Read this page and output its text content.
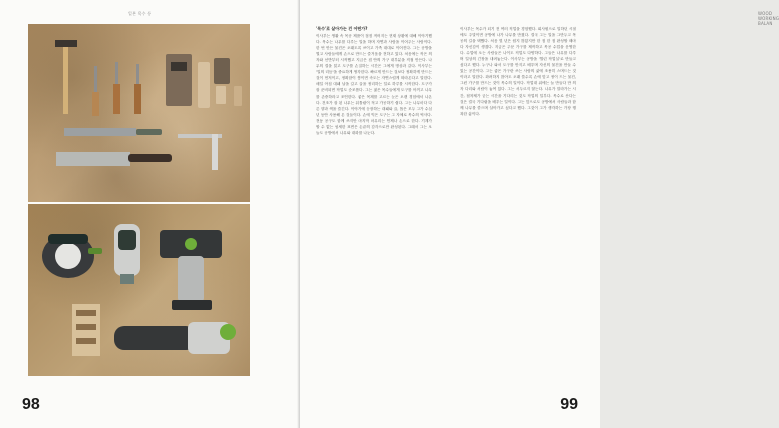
일본 목수 등
98
WOOD WORKING BALAN
99
'목수'로 살아가는 건 어떤가?

이사부는 생활 속 목공 제품이 점점 적어지는 현재 상황에 대해 이야기했다. 목수는 나무를 다루는 일을 하며 자연과 사람을 이어주는 사람이다. 한 번 만든 물건은 오래도록 쓰이고 가족 대대로 이어진다. 그는 공방을 열고 사람들에게 손으로 만드는 즐거움을 전하고 있다. 처음에는 작은 의자와 선반부터 시작했고 지금은 집 안의 가구 대부분을 직접 만든다. 나무의 결을 읽고 도구를 손질하는 시간은 그에게 명상과 같다. 이사부는 '일의 리듬'을 중요하게 생각한다. 빠르게 만드는 것보다 정확하게 만드는 것이 먼저이고, 정확함이 쌓이면 속도는 자연스럽게 따라온다고 말한다. 매일 아침 대패 날을 갈고 끌을 정리하는 일로 하루를 시작한다. 도구가 잘 준비되면 작업도 순조롭다. 그는 젊은 목수들에게 도구를 아끼고 나무를 존중하라고 조언한다. 좋은 목재를 고르는 눈은 오랜 경험에서 나온다. 건조가 잘 된 나무는 뒤틀림이 적고 가공하기 쉽다. 그는 나무마다 다른 향과 색을 즐긴다. 이야기에 등장하는 대패와 끌, 톱은 모두 그가 수십 년 동안 사용해 온 것들이다. 손에 익은 도구는 그 자체로 목수의 역사다. 전동 공구도 함께 쓰지만 마지막 마무리는 언제나 손으로 한다. 기계가 할 수 없는 섬세한 표면은 손끝의 감각으로만 완성된다. 그래서 그는 오늘도 공방에서 나무와 대화를 나눈다.

이사부는 목수가 되기 전 여러 직업을 경험했다. 회사원으로 일하던 시절에도 주말이면 공방에 나가 나무를 만졌다. 결국 그는 일을 그만두고 목공의 길을 택했다. 처음 몇 년은 쉽지 않았지만 한 점 한 점 완성할 때마다 자신감이 생겼다. 지금은 주문 가구를 제작하고 목공 수업을 운영한다. 수업에 오는 사람들은 나이도 직업도 다양하다. 그들은 나무를 다루며 일상의 긴장을 내려놓는다. 이사부는 공방을 '열린 작업실'로 만들고 싶다고 했다. 누구나 와서 도구를 만지고 배우며 자신의 물건을 만들 수 있는 공간이다. 그는 좋은 가구란 쓰는 사람의 삶에 조용히 스며드는 것이라고 말한다. 화려하지 않아도 오래 쓸수록 손에 맞고 정이 드는 물건, 그런 가구를 만드는 것이 목수의 일이다. 작업대 위에는 늘 만들다 만 의자 다리와 서랍이 놓여 있다. 그는 서두르지 않는다. 나무가 말라가는 시간, 접착제가 굳는 시간을 기다리는 것도 작업의 일부다. 목수로 산다는 것은 결국 기다림을 배우는 일이다. 그는 앞으로도 공방에서 사람들과 함께 나무를 깎으며 살아가고 싶다고 했다. 그것이 그가 생각하는 가장 행복한 삶이다.
